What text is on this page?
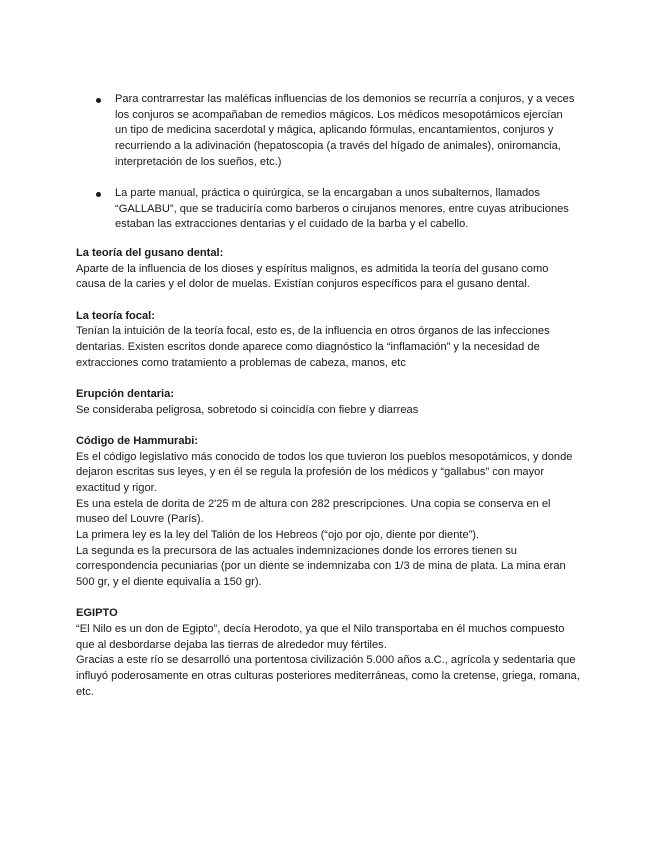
Para contrarrestar las maléficas influencias de los demonios se recurría a conjuros, y a veces los conjuros se acompañaban de remedios mágicos. Los médicos mesopotámicos ejercían un tipo de medicina sacerdotal y mágica, aplicando fórmulas, encantamientos, conjuros y recurriendo a la adivinación (hepatoscopia (a través del hígado de animales), oniromancia, interpretación de los sueños, etc.)
La parte manual, práctica o quirúrgica, se la encargaban a unos subalternos, llamados “GALLABU”, que se traduciría como barberos o cirujanos menores, entre cuyas atribuciones estaban las extracciones dentarias y el cuidado de la barba y el cabello.
La teoría del gusano dental:

Aparte de la influencia de los dioses y espíritus malignos, es admitida la teoría del gusano como causa de la caries y el dolor de muelas. Existían conjuros específicos para el gusano dental.

La teoría focal:

Tenían la intuición de la teoría focal, esto es, de la influencia en otros órganos de las infecciones dentarias. Existen escritos donde aparece como diagnóstico la “inflamación” y la necesidad de extracciones como tratamiento a problemas de cabeza, manos, etc

Erupción dentaria:

Se consideraba peligrosa, sobretodo si coincidía con fiebre y diarreas

Código de Hammurabi:

Es el código legislativo más conocido de todos los que tuvieron los pueblos mesopotámicos, y donde dejaron escritas sus leyes, y en él se regula la profesión de los médicos y “gallabus” con mayor exactitud y rigor.

Es una estela de dorita de 2'25 m de altura con 282 prescripciones. Una copia se conserva en el museo del Louvre (París).

La primera ley es la ley del Talión de los Hebreos (“ojo por ojo, diente por diente”).

La segunda es la precursora de las actuales indemnizaciones donde los errores tienen su correspondencia pecuniarias (por un diente se indemnizaba con 1/3 de mina de plata. La mina eran 500 gr, y el diente equivalía a 150 gr).

EGIPTO

“El Nilo es un don de Egipto”, decía Herodoto, ya que el Nilo transportaba en él muchos compuesto que al desbordarse dejaba las tierras de alrededor muy fértiles.

Gracias a este río se desarrolló una portentosa civilización 5.000 años a.C., agrícola y sedentaria que influyó poderosamente en otras culturas posteriores mediterráneas, como la cretense, griega, romana, etc.
